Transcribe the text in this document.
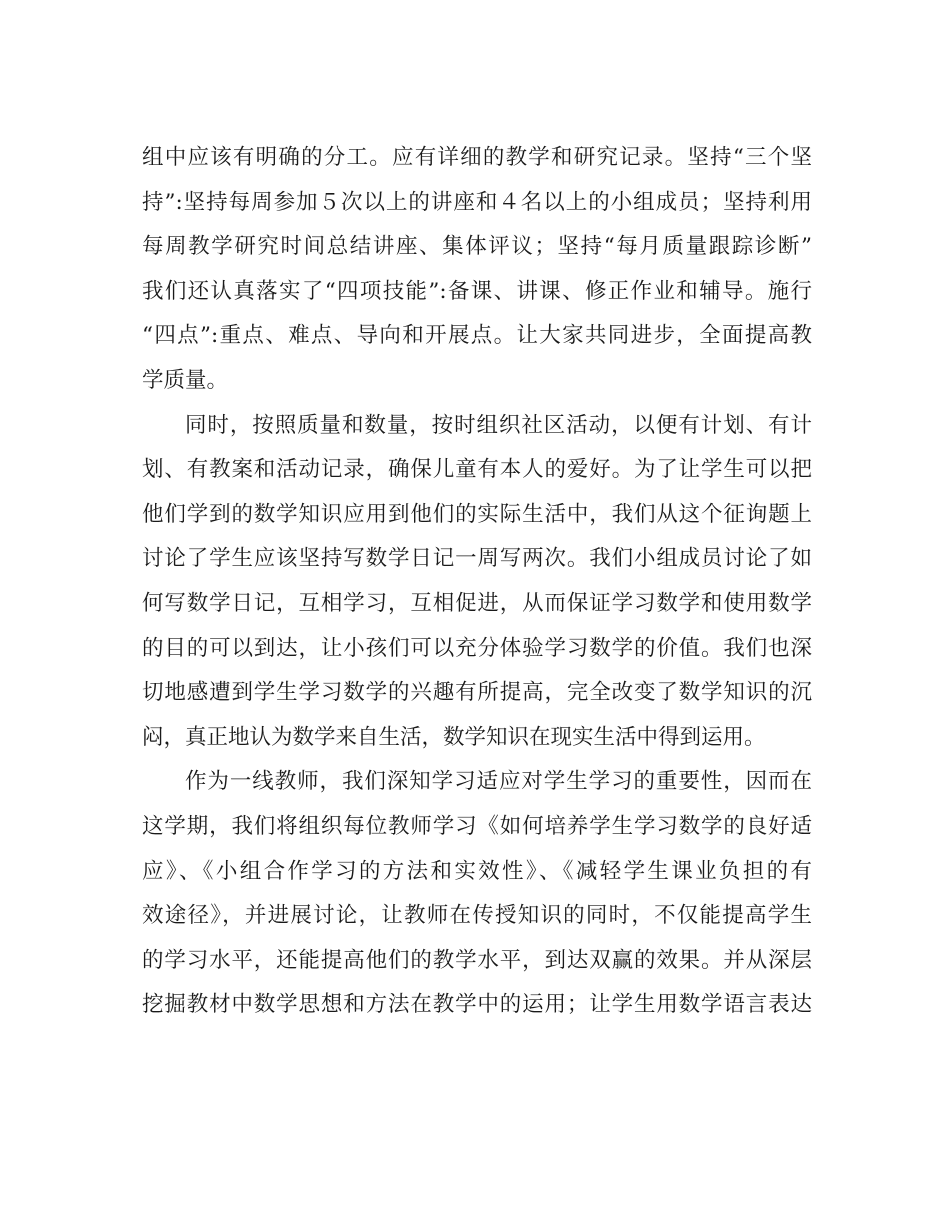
组中应该有明确的分工。应有详细的教学和研究记录。坚持“三个坚
持”:坚持每周参加５次以上的讲座和４名以上的小组成员；坚持利用
每周教学研究时间总结讲座、集体评议；坚持“每月质量跟踪诊断”
我们还认真落实了“四项技能”:备课、讲课、修正作业和辅导。施行
“四点”:重点、难点、导向和开展点。让大家共同进步，全面提高教
学质量。
同时，按照质量和数量，按时组织社区活动，以便有计划、有计
划、有教案和活动记录，确保儿童有本人的爱好。为了让学生可以把
他们学到的数学知识应用到他们的实际生活中，我们从这个征询题上
讨论了学生应该坚持写数学日记一周写两次。我们小组成员讨论了如
何写数学日记，互相学习，互相促进，从而保证学习数学和使用数学
的目的可以到达，让小孩们可以充分体验学习数学的价值。我们也深
切地感遭到学生学习数学的兴趣有所提高，完全改变了数学知识的沉
闷，真正地认为数学来自生活，数学知识在现实生活中得到运用。
作为一线教师，我们深知学习适应对学生学习的重要性，因而在
这学期，我们将组织每位教师学习《如何培养学生学习数学的良好适
应》、《小组合作学习的方法和实效性》、《减轻学生课业负担的有
效途径》，并进展讨论，让教师在传授知识的同时，不仅能提高学生
的学习水平，还能提高他们的教学水平，到达双赢的效果。并从深层
挖掘教材中数学思想和方法在教学中的运用；让学生用数学语言表达
